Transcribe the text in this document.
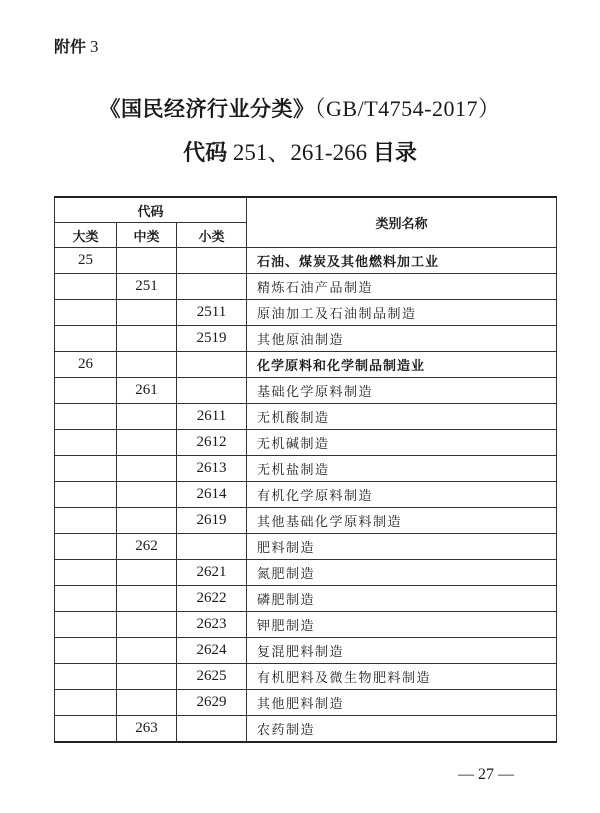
附件 3
《国民经济行业分类》（GB/T4754-2017）
代码 251、261-266 目录
代码			类别名称
大类	中类	小类	
25			石油、煤炭及其他燃料加工业
	251		精炼石油产品制造
		2511	原油加工及石油制品制造
		2519	其他原油制造
26			化学原料和化学制品制造业
	261		基础化学原料制造
		2611	无机酸制造
		2612	无机碱制造
		2613	无机盐制造
		2614	有机化学原料制造
		2619	其他基础化学原料制造
	262		肥料制造
		2621	氮肥制造
		2622	磷肥制造
		2623	钾肥制造
		2624	复混肥料制造
		2625	有机肥料及微生物肥料制造
		2629	其他肥料制造
	263		农药制造
— 27 —
